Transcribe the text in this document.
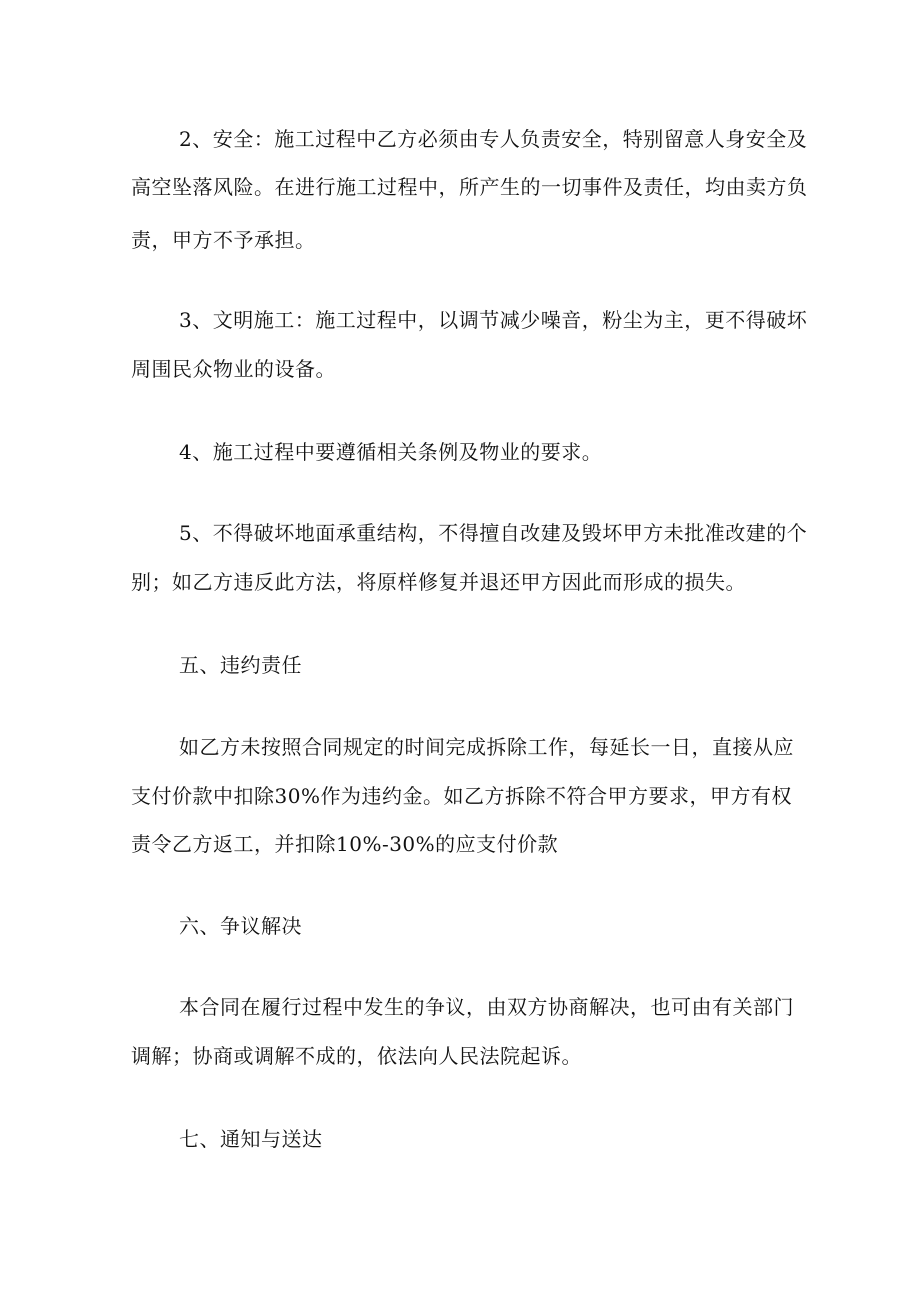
2、安全：施工过程中乙方必须由专人负责安全，特别留意人身安全及
高空坠落风险。在进行施工过程中，所产生的一切事件及责任，均由卖方负
责，甲方不予承担。
3、文明施工：施工过程中，以调节减少噪音，粉尘为主，更不得破坏
周围民众物业的设备。
4、施工过程中要遵循相关条例及物业的要求。
5、不得破坏地面承重结构，不得擅自改建及毁坏甲方未批准改建的个
别；如乙方违反此方法，将原样修复并退还甲方因此而形成的损失。
五、违约责任
如乙方未按照合同规定的时间完成拆除工作，每延长一日，直接从应
支付价款中扣除30%作为违约金。如乙方拆除不符合甲方要求，甲方有权
责令乙方返工，并扣除10%-30%的应支付价款
六、争议解决
本合同在履行过程中发生的争议，由双方协商解决，也可由有关部门
调解；协商或调解不成的，依法向人民法院起诉。
七、通知与送达
